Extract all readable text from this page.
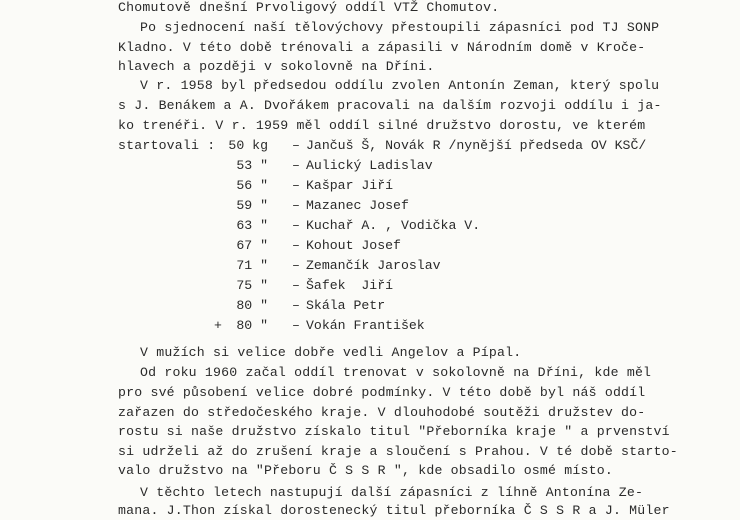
Chomutově dnešní Prvoligový oddíl VTŽ Chomutov.
Po sjednocení naší tělovýchovy přestoupili zápasníci pod TJ SONP
Kladno. V této době trénovali a zápasili v Národním domě v Kroče-
hlavech a později v sokolovně na Dříni.
V r. 1958 byl předsedou oddílu zvolen Antonín Zeman, který spolu
s J. Benákem a A. Dvořákem pracovali na dalším rozvoji oddílu i ja-
ko trenéři. V r. 1959 měl oddíl silné družstvo dorostu, ve kterém
startovali :

50 kg

–

Jančuš Š, Novák R /nynější předseda OV KSČ/

53 "

–

Aulický Ladislav

56 "

–

Kašpar Jiří

59 "

–

Mazanec Josef

63 "

–

Kuchař A. , Vodička V.

67 "

–

Kohout Josef

71 "

–

Zemančík Jaroslav

75 "

–

Šafek  Jiří

80 "

–

Skála Petr

+

	80 "

–

Vokán František

V mužích si velice dobře vedli Angelov a Pípal.
Od roku 1960 začal oddíl trenovat v sokolovně na Dříni, kde měl
pro své působení velice dobré podmínky. V této době byl náš oddíl
zařazen do středočeského kraje. V dlouhodobé soutěži družstev do-
rostu si naše družstvo získalo titul "Přeborníka kraje " a prvenství
si udrželi až do zrušení kraje a sloučení s Prahou. V té době starto-
valo družstvo na "Přeboru Č S S R ", kde obsadilo osmé místo.
V těchto letech nastupují další zápasníci z líhně Antonína Ze-
mana. J.Thon získal dorostenecký titul přeborníka Č S S R a J. Müler
